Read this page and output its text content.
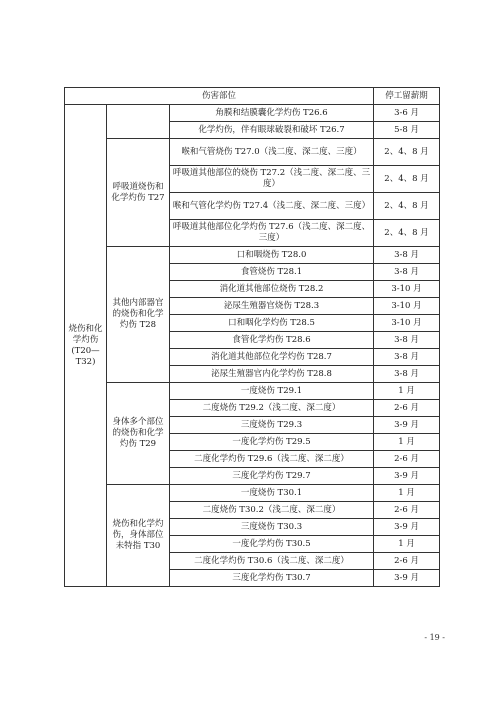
伤害部位			停工留薪期
烧伤和化学灼伤(T20—T32)		角膜和结膜囊化学灼伤 T26.6	3-6 月
		化学灼伤，伴有眼球破裂和破坏 T26.7	5-8 月
	呼吸道烧伤和化学灼伤 T27	喉和气管烧伤 T27.0（浅二度、深二度、三度）	2、4、8 月
		呼吸道其他部位的烧伤 T27.2（浅二度、深二度、三度）	2、4、8 月
		喉和气管化学灼伤 T27.4（浅二度、深二度、三度）	2、4、8 月
		呼吸道其他部位化学灼伤 T27.6（浅二度、深二度、三度）	2、4、8 月
	其他内部器官的烧伤和化学灼伤 T28	口和咽烧伤 T28.0	3-8 月
		食管烧伤 T28.1	3-8 月
		消化道其他部位烧伤 T28.2	3-10 月
		泌尿生殖器官烧伤 T28.3	3-10 月
		口和咽化学灼伤 T28.5	3-10 月
		食管化学灼伤 T28.6	3-8 月
		消化道其他部位化学灼伤 T28.7	3-8 月
		泌尿生殖器官内化学灼伤 T28.8	3-8 月
	身体多个部位的烧伤和化学灼伤 T29	一度烧伤 T29.1	1 月
		二度烧伤 T29.2（浅二度、深二度）	2-6 月
		三度烧伤 T29.3	3-9 月
		一度化学灼伤 T29.5	1 月
		二度化学灼伤 T29.6（浅二度、深二度）	2-6 月
		三度化学灼伤 T29.7	3-9 月
	烧伤和化学灼伤，身体部位未特指 T30	一度烧伤 T30.1	1 月
		二度烧伤 T30.2（浅二度、深二度）	2-6 月
		三度烧伤 T30.3	3-9 月
		一度化学灼伤 T30.5	1 月
		二度化学灼伤 T30.6（浅二度、深二度）	2-6 月
		三度化学灼伤 T30.7	3-9 月
- 19 -
